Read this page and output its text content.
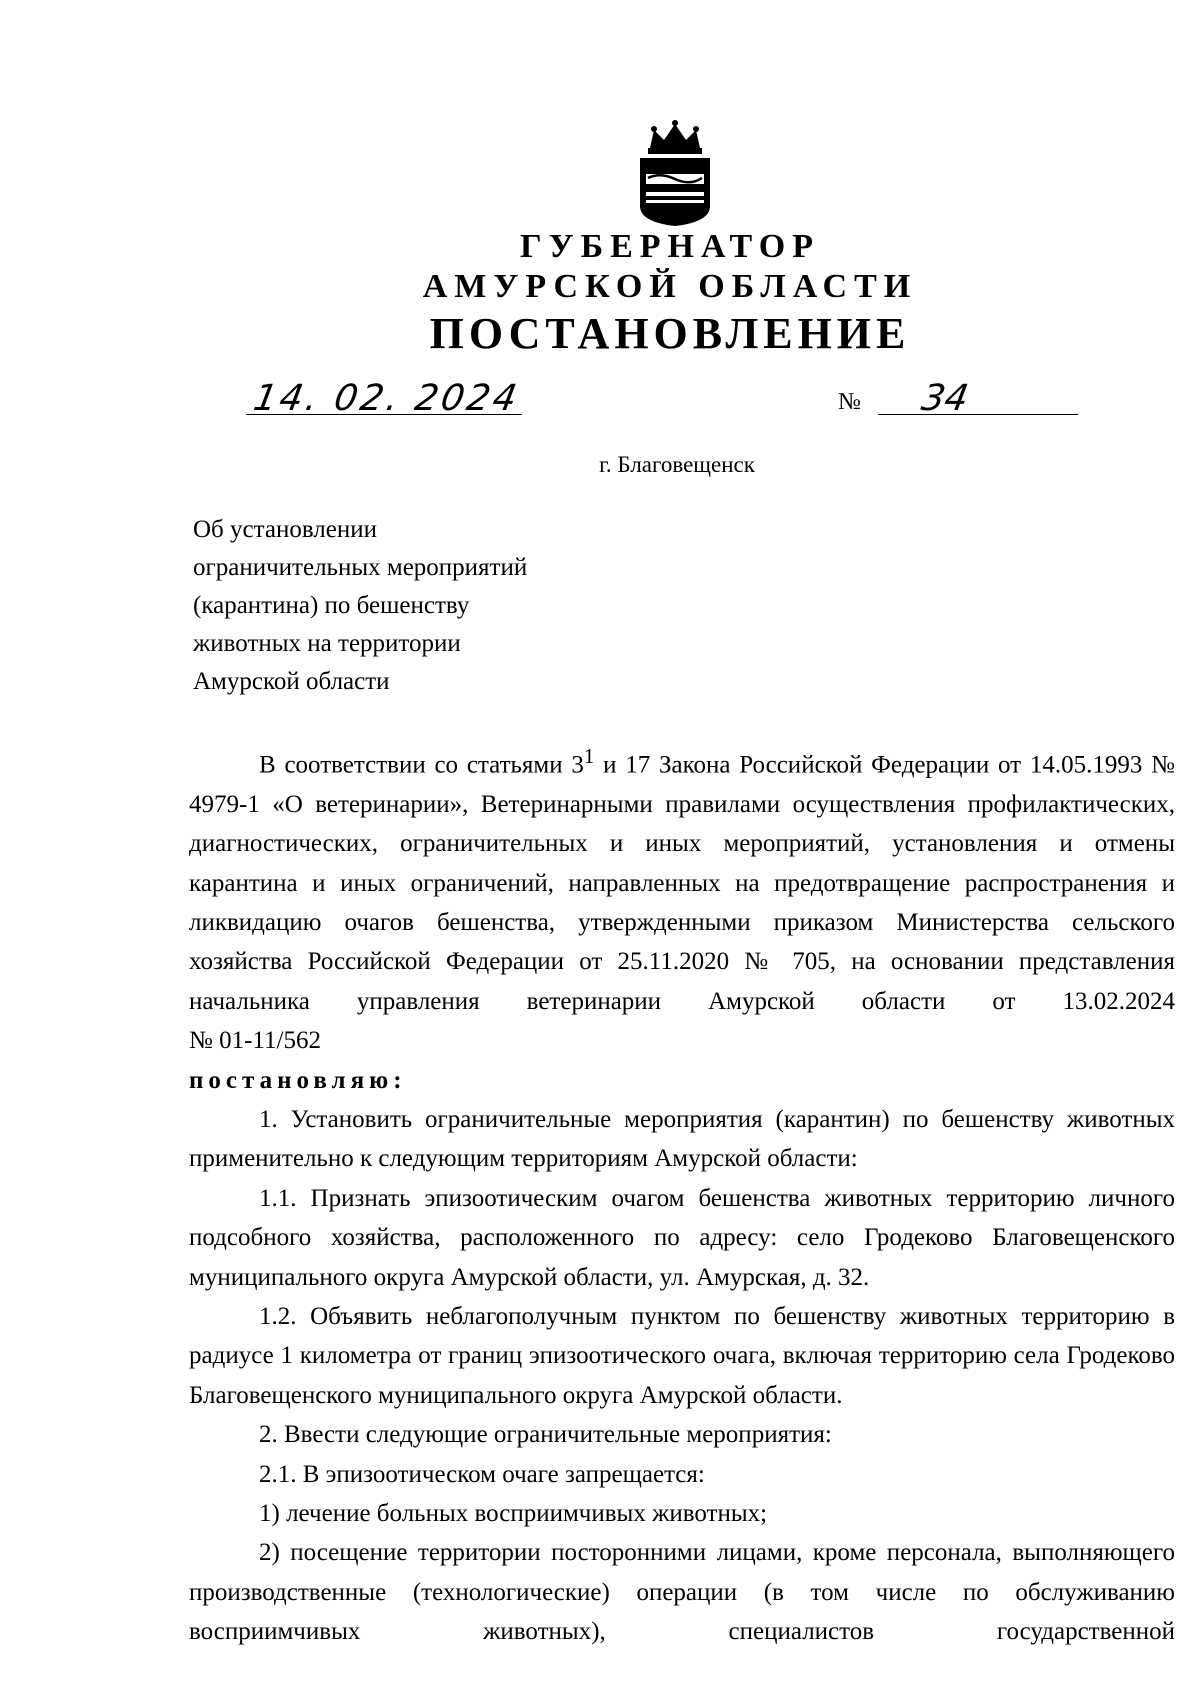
ГУБЕРНАТОР
АМУРСКОЙ ОБЛАСТИ
ПОСТАНОВЛЕНИЕ
14. 02. 2024	№ 34
г. Благовещенск
Об установлении
ограничительных мероприятий
(карантина) по бешенству
животных на территории
Амурской области

В соответствии со статьями $3^1$ и 17 Закона Российской Федерации от 14.05.1993 № 4979-1 «О ветеринарии», Ветеринарными правилами осуществления профилактических, диагностических, ограничительных и иных мероприятий, установления и отмены карантина и иных ограничений, направленных на предотвращение распространения и ликвидацию очагов бешенства, утвержденными приказом Министерства сельского хозяйства Российской Федерации от 25.11.2020 № 705, на основании представления начальника управления ветеринарии Амурской области от 13.02.2024

№ 01-11/562

постановляю:

1. Установить ограничительные мероприятия (карантин) по бешенству животных применительно к следующим территориям Амурской области:

1.1. Признать эпизоотическим очагом бешенства животных территорию личного подсобного хозяйства, расположенного по адресу: село Гродеково Благовещенского муниципального округа Амурской области, ул. Амурская, д. 32.

1.2. Объявить неблагополучным пунктом по бешенству животных территорию в радиусе 1 километра от границ эпизоотического очага, включая территорию села Гродеково Благовещенского муниципального округа Амурской области.

2. Ввести следующие ограничительные мероприятия:

2.1. В эпизоотическом очаге запрещается:

1) лечение больных восприимчивых животных;

2) посещение территории посторонними лицами, кроме персонала, выполняющего производственные (технологические) операции (в том числе по обслуживанию восприимчивых животных), специалистов государственной
